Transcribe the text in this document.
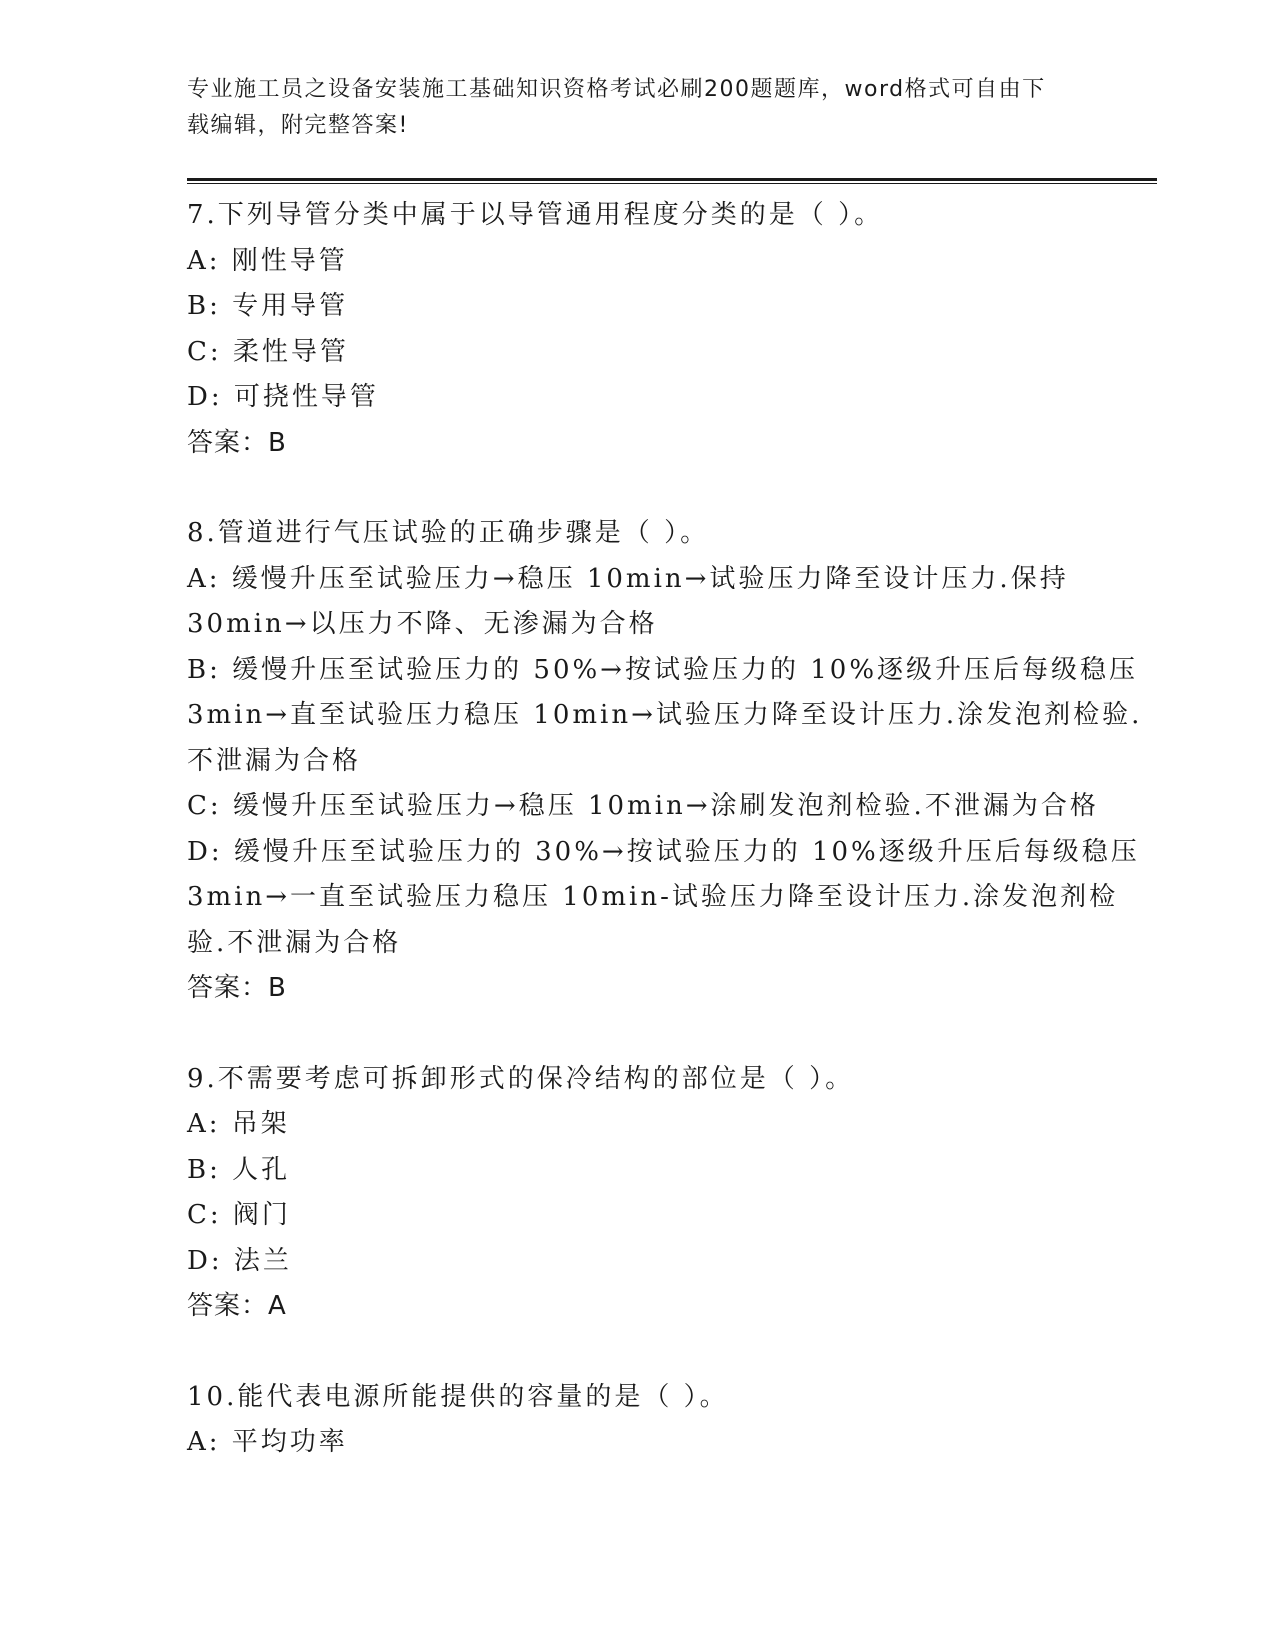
专业施工员之设备安装施工基础知识资格考试必刷200题题库，word格式可自由下载编辑，附完整答案!

7.下列导管分类中属于以导管通用程度分类的是（ ）。

A: 刚性导管

B: 专用导管

C: 柔性导管

D: 可挠性导管

答案：B

8.管道进行气压试验的正确步骤是（ ）。

A: 缓慢升压至试验压力→稳压 10min→试验压力降至设计压力.保持 30min→以压力不降、无渗漏为合格

B: 缓慢升压至试验压力的 50%→按试验压力的 10%逐级升压后每级稳压 3min→直至试验压力稳压 10min→试验压力降至设计压力.涂发泡剂检验.不泄漏为合格

C: 缓慢升压至试验压力→稳压 10min→涂刷发泡剂检验.不泄漏为合格

D: 缓慢升压至试验压力的 30%→按试验压力的 10%逐级升压后每级稳压 3min→一直至试验压力稳压 10min-试验压力降至设计压力.涂发泡剂检验.不泄漏为合格

答案：B

9.不需要考虑可拆卸形式的保冷结构的部位是（ ）。

A: 吊架

B: 人孔

C: 阀门

D: 法兰

答案：A

10.能代表电源所能提供的容量的是（ ）。

A: 平均功率
